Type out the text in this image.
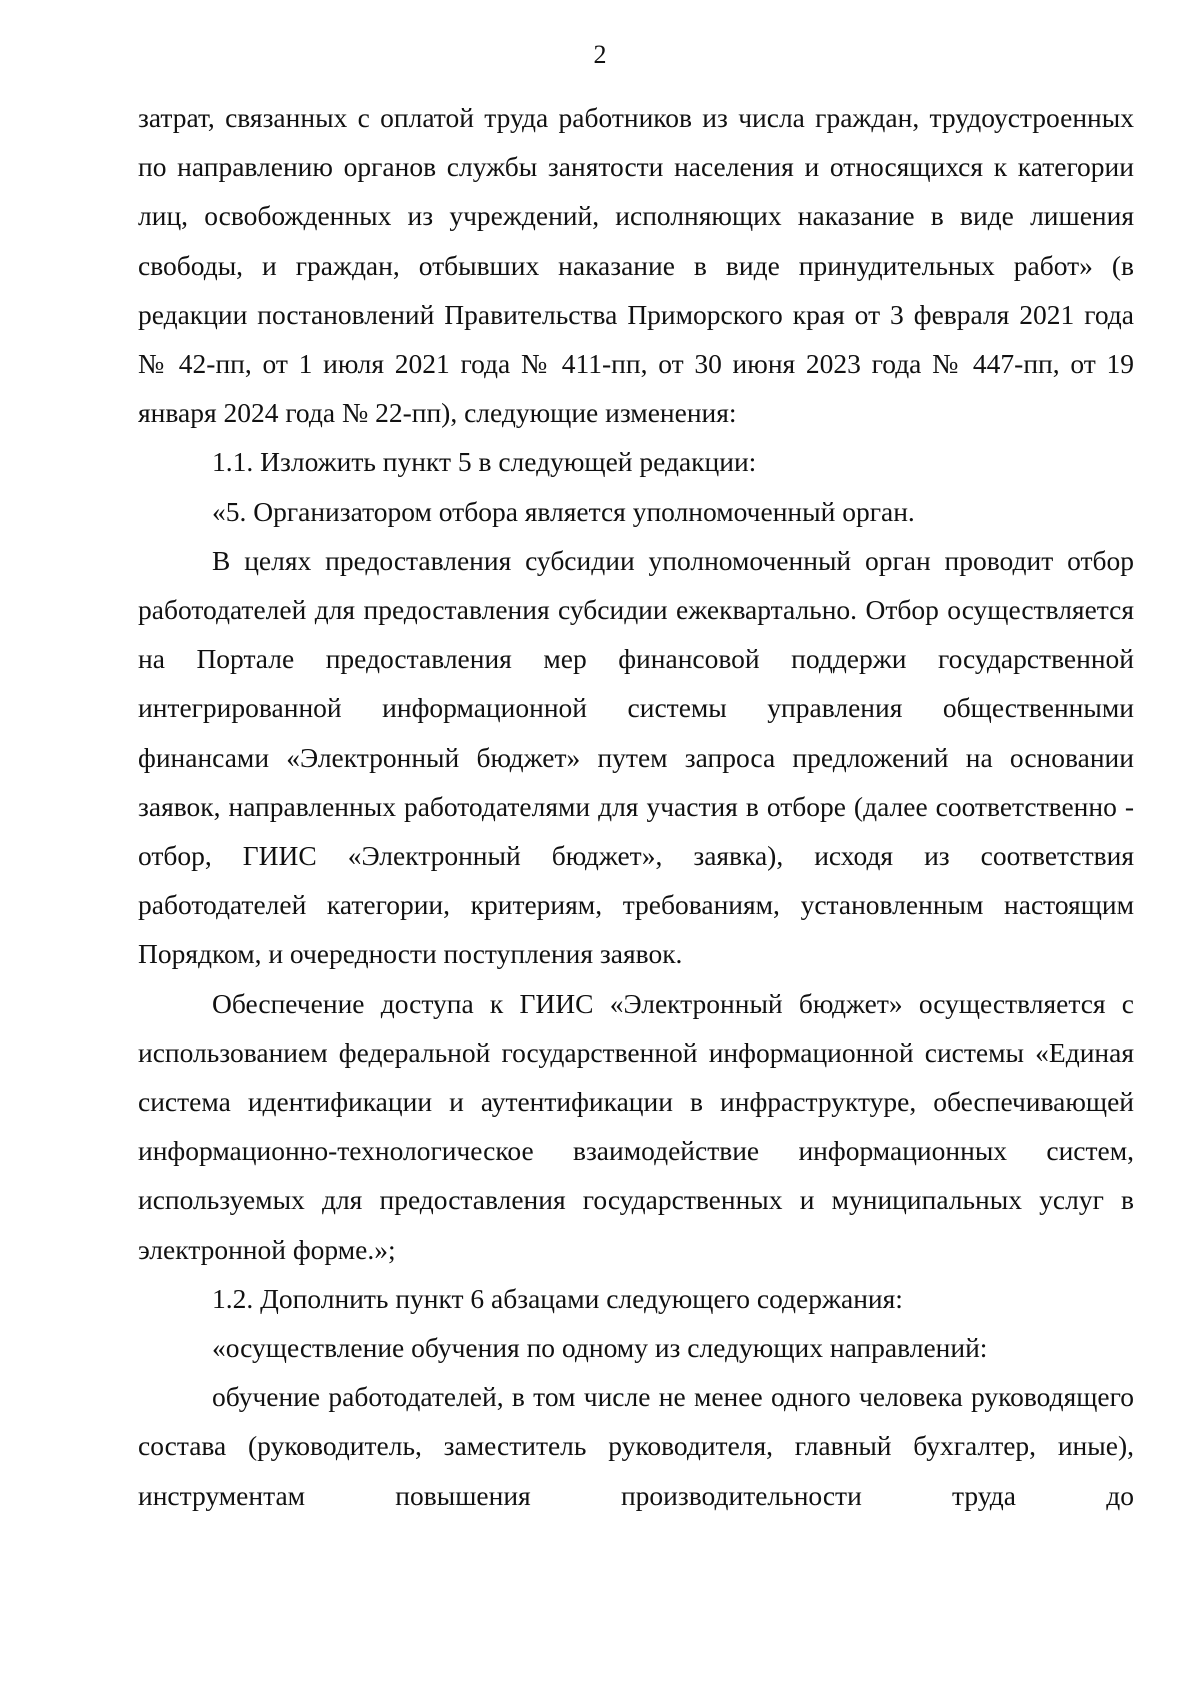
2

затрат, связанных с оплатой труда работников из числа граждан, трудоустроенных по направлению органов службы занятости населения и относящихся к категории лиц, освобожденных из учреждений, исполняющих наказание в виде лишения свободы, и граждан, отбывших наказание в виде принудительных работ» (в редакции постановлений Правительства Приморского края от 3 февраля 2021 года № 42-пп, от 1 июля 2021 года № 411-пп, от 30 июня 2023 года № 447-пп, от 19 января 2024 года № 22-пп), следующие изменения:

1.1. Изложить пункт 5 в следующей редакции:

«5. Организатором отбора является уполномоченный орган.

В целях предоставления субсидии уполномоченный орган проводит отбор работодателей для предоставления субсидии ежеквартально. Отбор осуществляется на Портале предоставления мер финансовой поддержи государственной интегрированной информационной системы управления общественными финансами «Электронный бюджет» путем запроса предложений на основании заявок, направленных работодателями для участия в отборе (далее соответственно - отбор, ГИИС «Электронный бюджет», заявка), исходя из соответствия работодателей категории, критериям, требованиям, установленным настоящим Порядком, и очередности поступления заявок.

Обеспечение доступа к ГИИС «Электронный бюджет» осуществляется с использованием федеральной государственной информационной системы «Единая система идентификации и аутентификации в инфраструктуре, обеспечивающей информационно-технологическое взаимодействие информационных систем, используемых для предоставления государственных и муниципальных услуг в электронной форме.»;

1.2. Дополнить пункт 6 абзацами следующего содержания:

«осуществление обучения по одному из следующих направлений:

обучение работодателей, в том числе не менее одного человека руководящего состава (руководитель, заместитель руководителя, главный бухгалтер, иные), инструментам повышения производительности труда до
